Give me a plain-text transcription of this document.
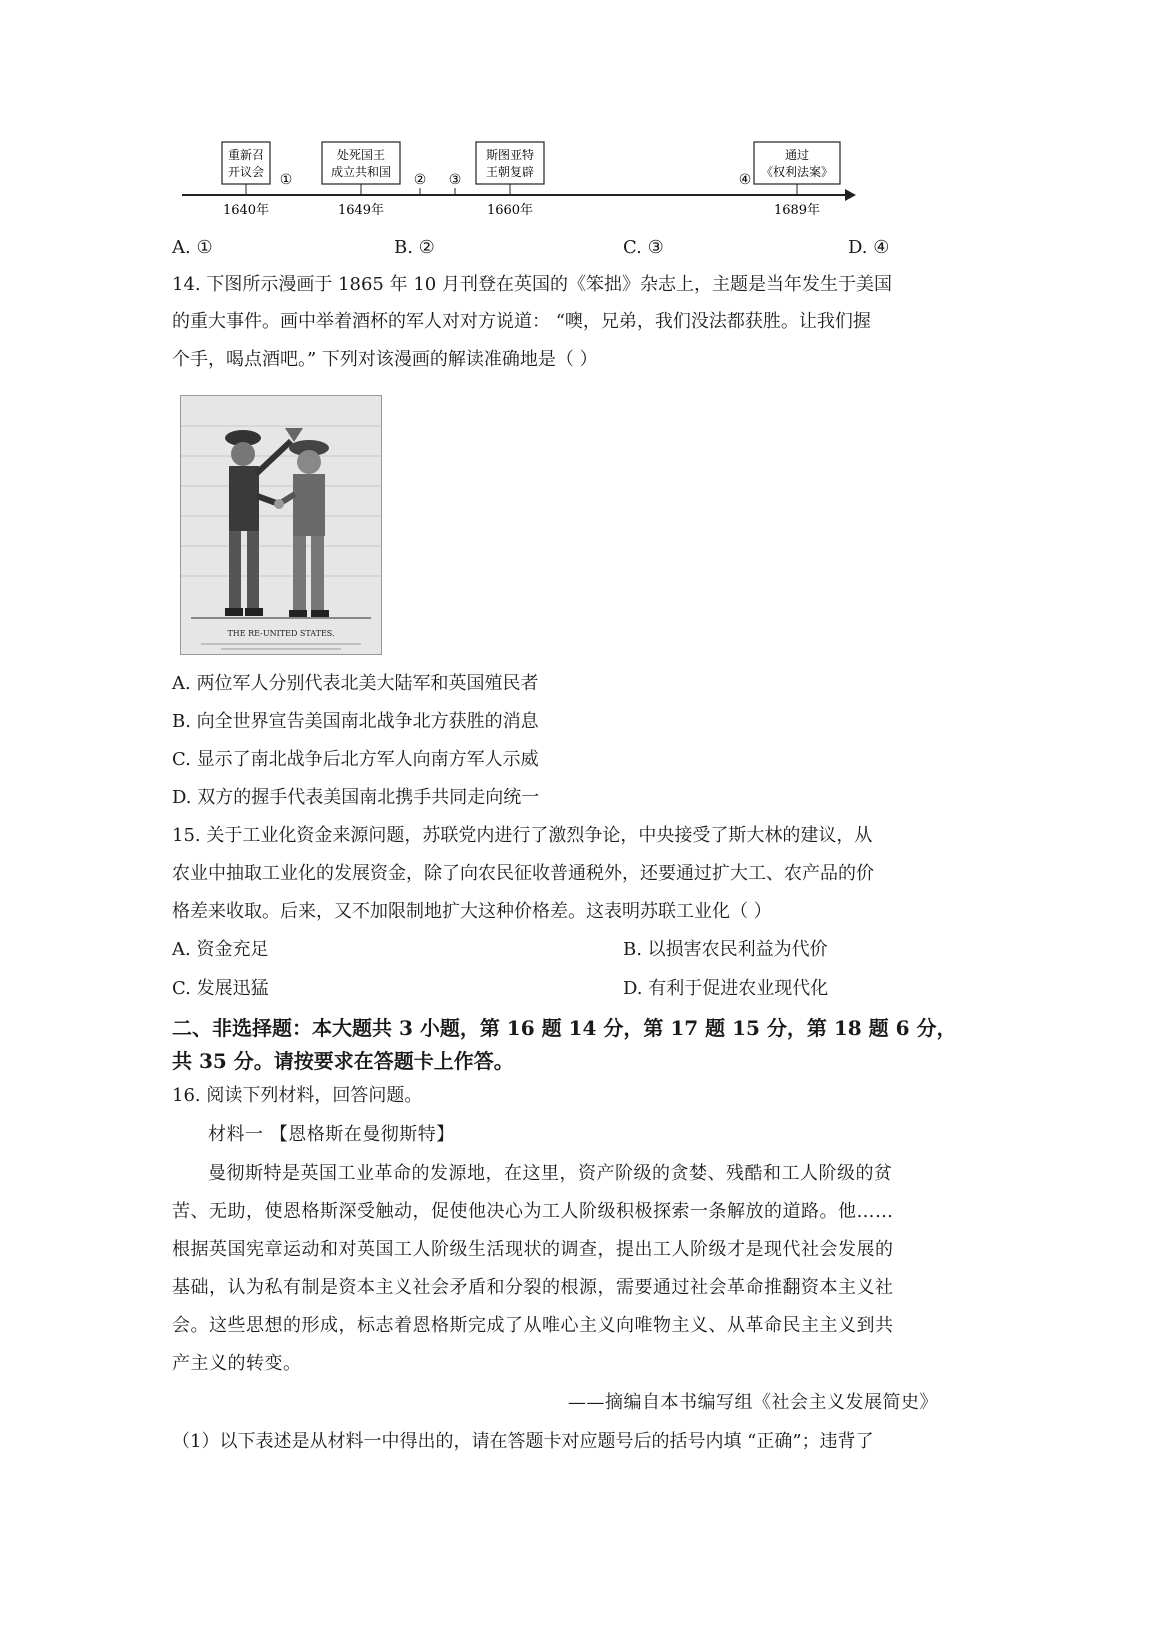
重新召
开议会
处死国王
成立共和国
斯图亚特
王朝复辟
通过
《权利法案》
①	② ③	④
1640年	1649年	1660年	1689年
A. ①	B. ②	C. ③	D. ④
14. 下图所示漫画于 1865 年 10 月刊登在英国的《笨拙》杂志上，主题是当年发生于美国
的重大事件。画中举着酒杯的军人对对方说道： “噢，兄弟，我们没法都获胜。让我们握
个手，喝点酒吧。” 下列对该漫画的解读准确地是（ ）
THE RE-UNITED STATES.
A. 两位军人分别代表北美大陆军和英国殖民者
B. 向全世界宣告美国南北战争北方获胜的消息
C. 显示了南北战争后北方军人向南方军人示威
D. 双方的握手代表美国南北携手共同走向统一
15. 关于工业化资金来源问题，苏联党内进行了激烈争论，中央接受了斯大林的建议，从
农业中抽取工业化的发展资金，除了向农民征收普通税外，还要通过扩大工、农产品的价
格差来收取。后来，又不加限制地扩大这种价格差。这表明苏联工业化（ ）
A. 资金充足	B. 以损害农民利益为代价
C. 发展迅猛	D. 有利于促进农业现代化
二、非选择题：本大题共 3 小题，第 16 题 14 分，第 17 题 15 分，第 18 题 6 分，
共 35 分。请按要求在答题卡上作答。
16. 阅读下列材料，回答问题。
材料一 【恩格斯在曼彻斯特】
曼彻斯特是英国工业革命的发源地，在这里，资产阶级的贪婪、残酷和工人阶级的贫
苦、无助，使恩格斯深受触动，促使他决心为工人阶级积极探索一条解放的道路。他……
根据英国宪章运动和对英国工人阶级生活现状的调查，提出工人阶级才是现代社会发展的
基础，认为私有制是资本主义社会矛盾和分裂的根源，需要通过社会革命推翻资本主义社
会。这些思想的形成，标志着恩格斯完成了从唯心主义向唯物主义、从革命民主主义到共
产主义的转变。
——摘编自本书编写组《社会主义发展简史》
（1）以下表述是从材料一中得出的，请在答题卡对应题号后的括号内填 “正确”；违背了
